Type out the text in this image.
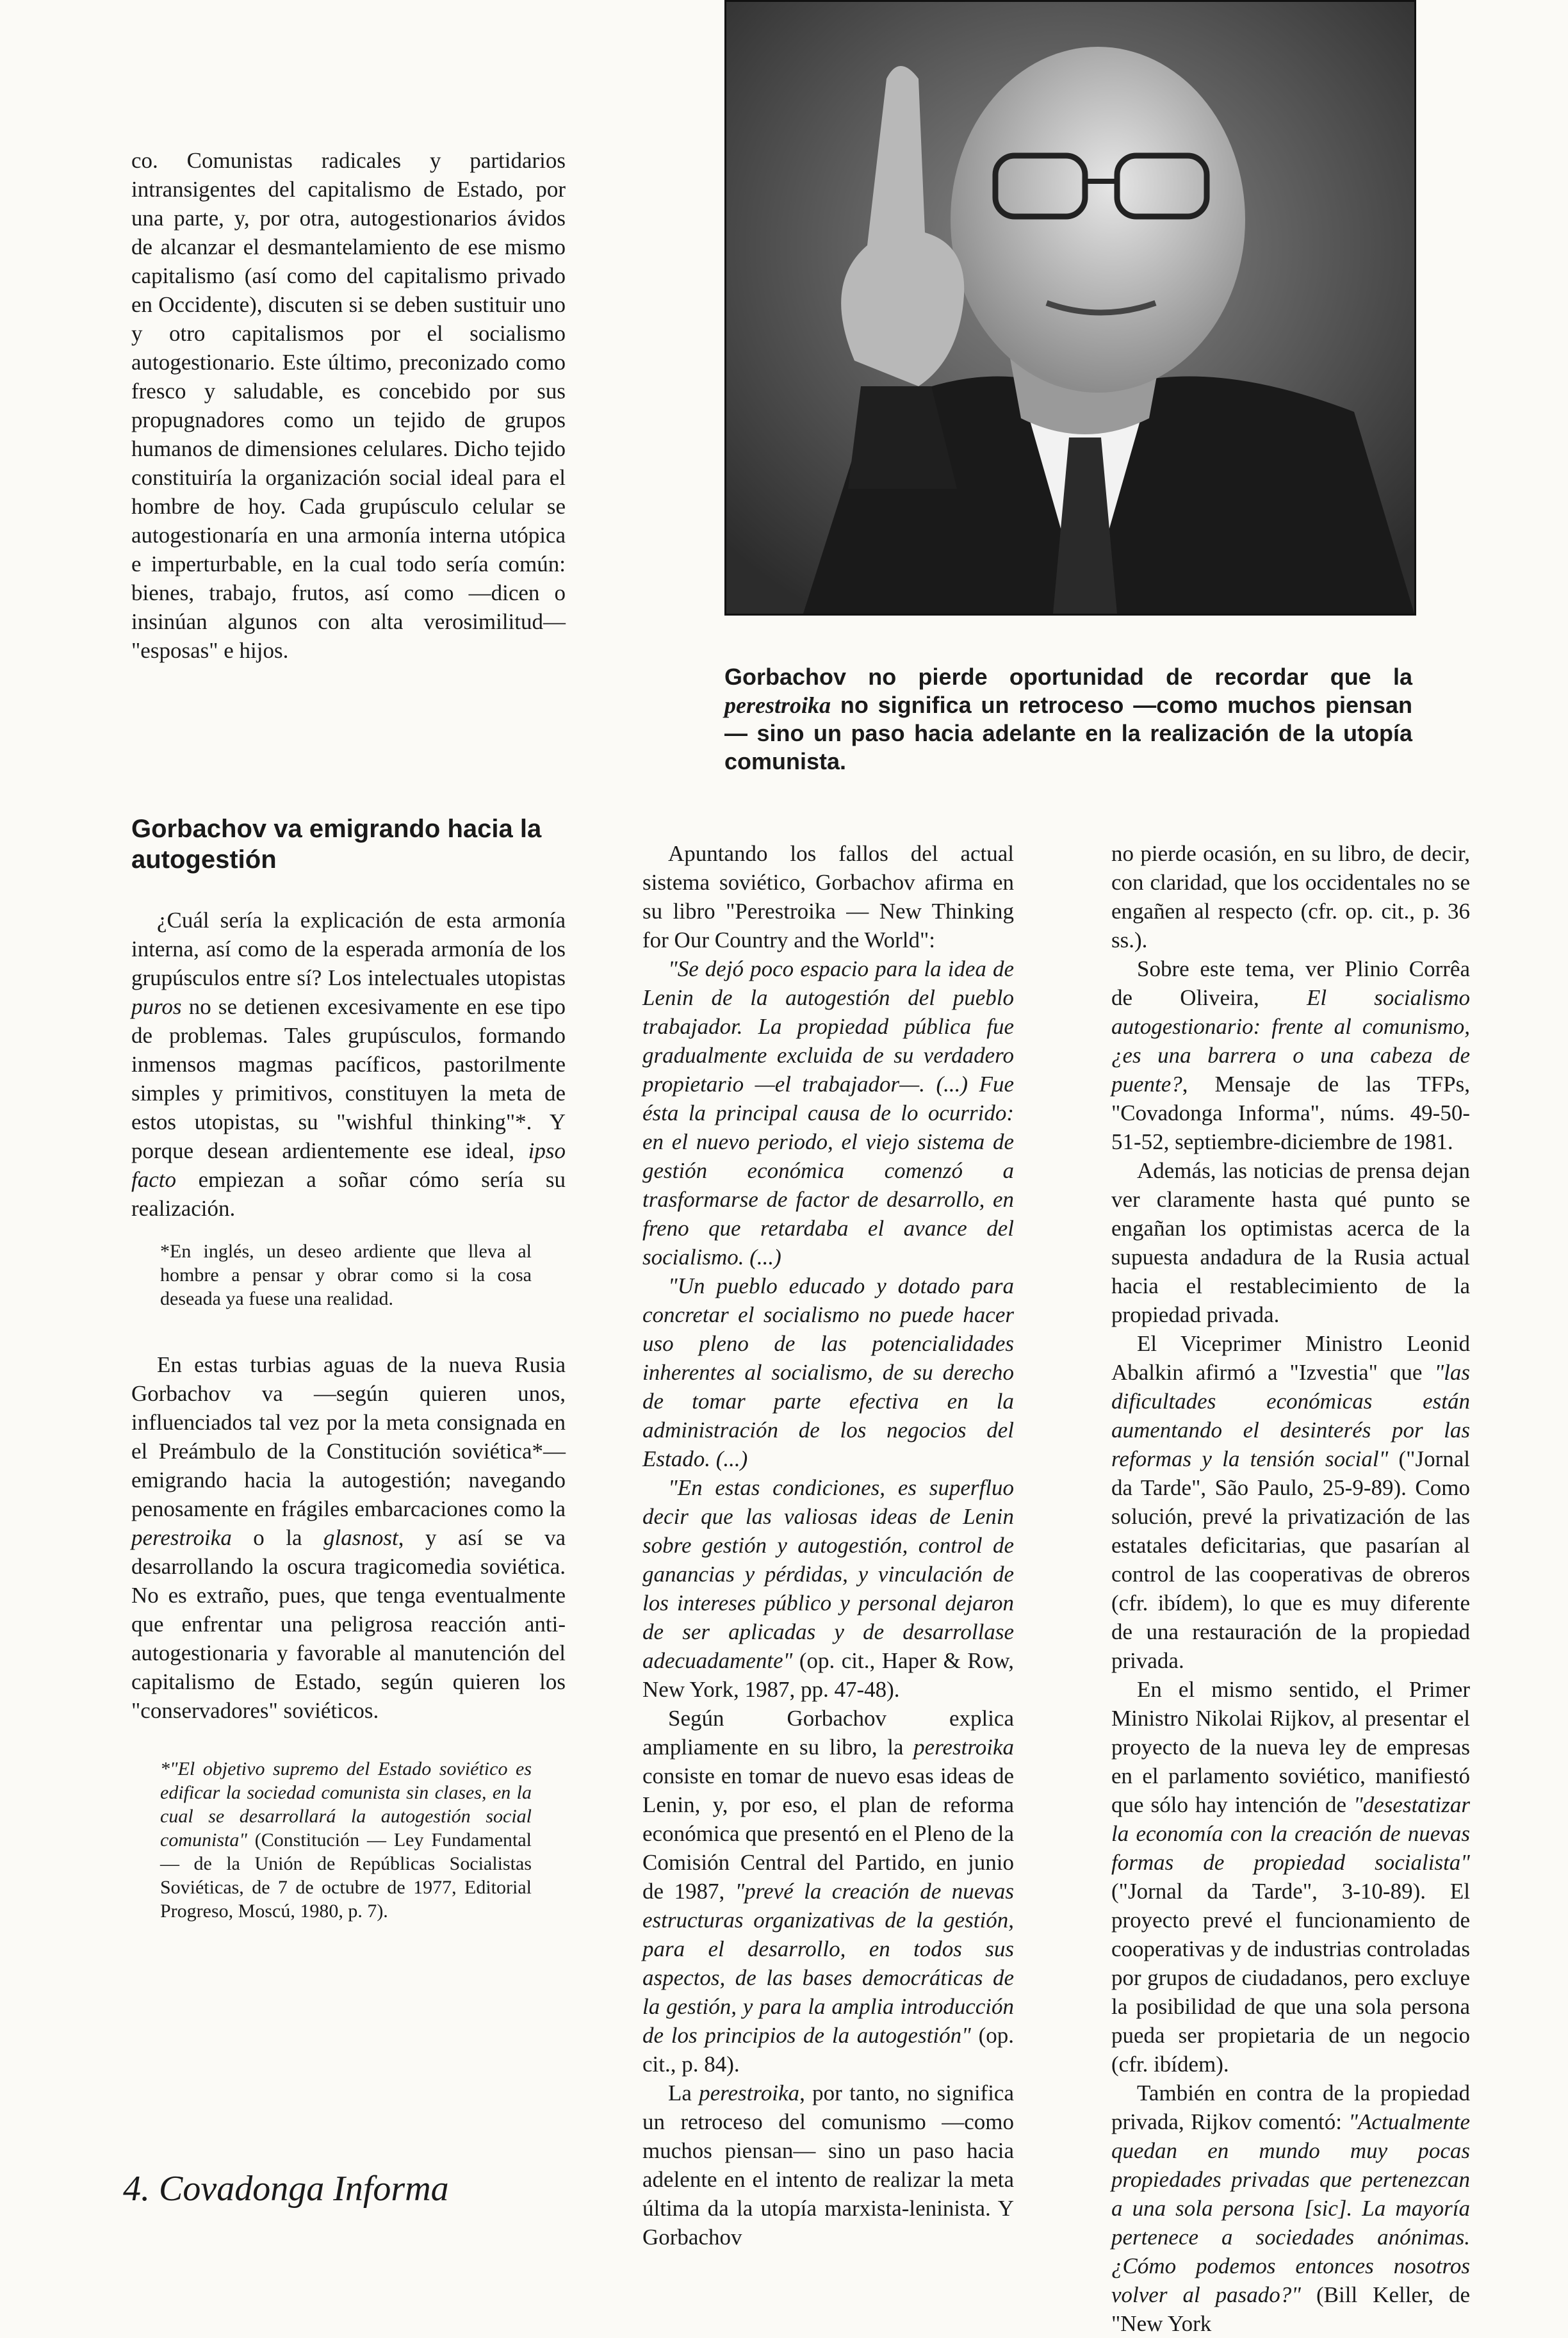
co. Comunistas radicales y partidarios intransigentes del capitalismo de Estado, por una parte, y, por otra, autogestionarios ávidos de alcanzar el desmantelamiento de ese mismo capitalismo (así como del capitalismo privado en Occidente), discuten si se deben sustituir uno y otro capitalismos por el socialismo autogestionario. Este último, preconizado como fresco y saludable, es concebido por sus propugnadores como un tejido de grupos humanos de dimensiones celulares. Dicho tejido constituiría la organización social ideal para el hombre de hoy. Cada grupúsculo celular se autogestionaría en una armonía interna utópica e imperturbable, en la cual todo sería común: bienes, trabajo, frutos, así como —dicen o insinúan algunos con alta verosimilitud— "esposas" e hijos.

Gorbachov no pierde oportunidad de recordar que la perestroika no significa un retroceso —como muchos piensan— sino un paso hacia adelante en la realización de la utopía comunista.
Gorbachov va emigrando hacia la autogestión

¿Cuál sería la explicación de esta armonía interna, así como de la esperada armonía de los grupúsculos entre sí? Los intelectuales utopistas puros no se detienen excesivamente en ese tipo de problemas. Tales grupúsculos, formando inmensos magmas pacíficos, pastorilmente simples y primitivos, constituyen la meta de estos utopistas, su "wishful thinking"*. Y porque desean ardientemente ese ideal, ipso facto empiezan a soñar cómo sería su realización.

*En inglés, un deseo ardiente que lleva al hombre a pensar y obrar como si la cosa deseada ya fuese una realidad.

En estas turbias aguas de la nueva Rusia Gorbachov va —según quieren unos, influenciados tal vez por la meta consignada en el Preámbulo de la Constitución soviética*— emigrando hacia la autogestión; navegando penosamente en frágiles embarcaciones como la perestroika o la glasnost, y así se va desarrollando la oscura tragicomedia soviética. No es extraño, pues, que tenga eventualmente que enfrentar una peligrosa reacción anti-autogestionaria y favorable al manutención del capitalismo de Estado, según quieren los "conservadores" soviéticos.

*"El objetivo supremo del Estado soviético es edificar la sociedad comunista sin clases, en la cual se desarrollará la autogestión social comunista" (Constitución — Ley Fundamental — de la Unión de Repúblicas Socialistas Soviéticas, de 7 de octubre de 1977, Editorial Progreso, Moscú, 1980, p. 7).

Apuntando los fallos del actual sistema soviético, Gorbachov afirma en su libro "Perestroika — New Thinking for Our Country and the World":

"Se dejó poco espacio para la idea de Lenin de la autogestión del pueblo trabajador. La propiedad pública fue gradualmente excluida de su verdadero propietario —el trabajador—. (...) Fue ésta la principal causa de lo ocurrido: en el nuevo periodo, el viejo sistema de gestión económica comenzó a trasformarse de factor de desarrollo, en freno que retardaba el avance del socialismo. (...)

"Un pueblo educado y dotado para concretar el socialismo no puede hacer uso pleno de las potencialidades inherentes al socialismo, de su derecho de tomar parte efectiva en la administración de los negocios del Estado. (...)

"En estas condiciones, es superfluo decir que las valiosas ideas de Lenin sobre gestión y autogestión, control de ganancias y pérdidas, y vinculación de los intereses público y personal dejaron de ser aplicadas y de desarrollase adecuadamente" (op. cit., Haper & Row, New York, 1987, pp. 47-48).

Según Gorbachov explica ampliamente en su libro, la perestroika consiste en tomar de nuevo esas ideas de Lenin, y, por eso, el plan de reforma económica que presentó en el Pleno de la Comisión Central del Partido, en junio de 1987, "prevé la creación de nuevas estructuras organizativas de la gestión, para el desarrollo, en todos sus aspectos, de las bases democráticas de la gestión, y para la amplia introducción de los principios de la autogestión" (op. cit., p. 84).

La perestroika, por tanto, no significa un retroceso del comunismo —como muchos piensan— sino un paso hacia adelente en el intento de realizar la meta última da la utopía marxista-leninista. Y Gorbachov

no pierde ocasión, en su libro, de decir, con claridad, que los occidentales no se engañen al respecto (cfr. op. cit., p. 36 ss.).

Sobre este tema, ver Plinio Corrêa de Oliveira, El socialismo autogestionario: frente al comunismo, ¿es una barrera o una cabeza de puente?, Mensaje de las TFPs, "Covadonga Informa", núms. 49-50-51-52, septiembre-diciembre de 1981.

Además, las noticias de prensa dejan ver claramente hasta qué punto se engañan los optimistas acerca de la supuesta andadura de la Rusia actual hacia el restablecimiento de la propiedad privada.

El Viceprimer Ministro Leonid Abalkin afirmó a "Izvestia" que "las dificultades económicas están aumentando el desinterés por las reformas y la tensión social" ("Jornal da Tarde", São Paulo, 25-9-89). Como solución, prevé la privatización de las estatales deficitarias, que pasarían al control de las cooperativas de obreros (cfr. ibídem), lo que es muy diferente de una restauración de la propiedad privada.

En el mismo sentido, el Primer Ministro Nikolai Rijkov, al presentar el proyecto de la nueva ley de empresas en el parlamento soviético, manifiestó que sólo hay intención de "desestatizar la economía con la creación de nuevas formas de propiedad socialista" ("Jornal da Tarde", 3-10-89). El proyecto prevé el funcionamiento de cooperativas y de industrias controladas por grupos de ciudadanos, pero excluye la posibilidad de que una sola persona pueda ser propietaria de un negocio (cfr. ibídem).

También en contra de la propiedad privada, Rijkov comentó: "Actualmente quedan en mundo muy pocas propiedades privadas que pertenezcan a una sola persona [sic]. La mayoría pertenece a sociedades anónimas. ¿Cómo podemos entonces nosotros volver al pasado?" (Bill Keller, de "New York

4. Covadonga Informa
